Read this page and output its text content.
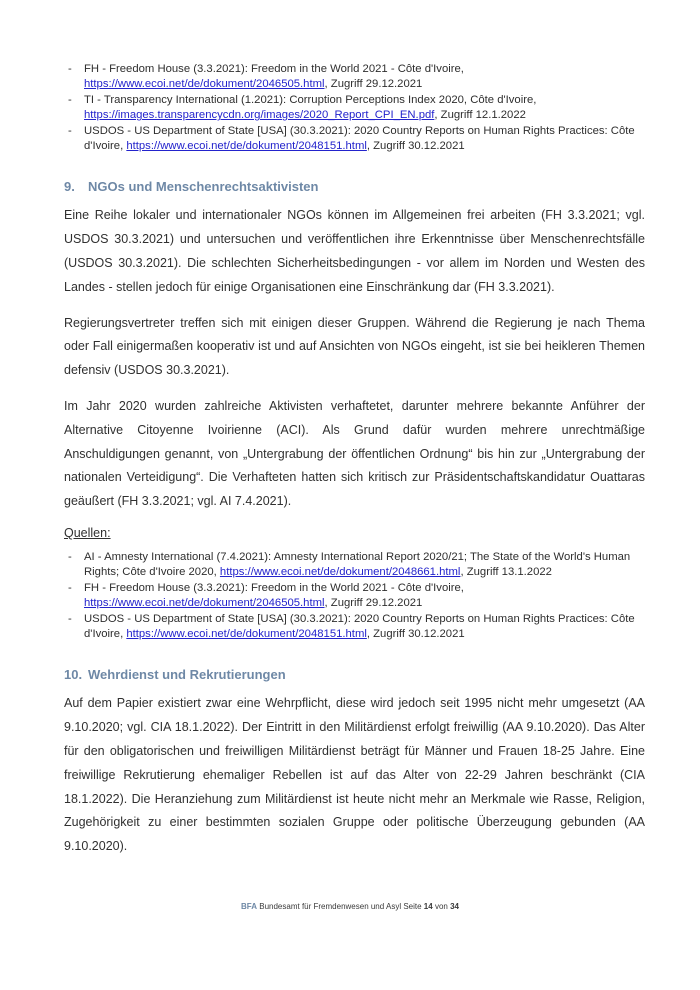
-	FH - Freedom House (3.3.2021): Freedom in the World 2021 - Côte d'Ivoire, https://www.ecoi.net/de/dokument/2046505.html, Zugriff 29.12.2021
-	TI - Transparency International (1.2021): Corruption Perceptions Index 2020, Côte d'Ivoire, https://images.transparencycdn.org/images/2020_Report_CPI_EN.pdf, Zugriff 12.1.2022
-	USDOS - US Department of State [USA] (30.3.2021): 2020 Country Reports on Human Rights Practices: Côte d'Ivoire, https://www.ecoi.net/de/dokument/2048151.html, Zugriff 30.12.2021
9.	NGOs und Menschenrechtsaktivisten

Eine Reihe lokaler und internationaler NGOs können im Allgemeinen frei arbeiten (FH 3.3.2021; vgl. USDOS 30.3.2021) und untersuchen und veröffentlichen ihre Erkenntnisse über Menschenrechtsfälle (USDOS 30.3.2021). Die schlechten Sicherheitsbedingungen - vor allem im Norden und Westen des Landes - stellen jedoch für einige Organisationen eine Einschränkung dar (FH 3.3.2021).

Regierungsvertreter treffen sich mit einigen dieser Gruppen. Während die Regierung je nach Thema oder Fall einigermaßen kooperativ ist und auf Ansichten von NGOs eingeht, ist sie bei heikleren Themen defensiv (USDOS 30.3.2021).

Im Jahr 2020 wurden zahlreiche Aktivisten verhaftetet, darunter mehrere bekannte Anführer der Alternative Citoyenne Ivoirienne (ACI). Als Grund dafür wurden mehrere unrechtmäßige Anschuldigungen genannt, von „Untergrabung der öffentlichen Ordnung“ bis hin zur „Untergrabung der nationalen Verteidigung“. Die Verhafteten hatten sich kritisch zur Präsidentschaftskandidatur Ouattaras geäußert (FH 3.3.2021; vgl. AI 7.4.2021).

Quellen:
-	AI - Amnesty International (7.4.2021): Amnesty International Report 2020/21; The State of the World's Human Rights; Côte d'Ivoire 2020, https://www.ecoi.net/de/dokument/2048661.html, Zugriff 13.1.2022
-	FH - Freedom House (3.3.2021): Freedom in the World 2021 - Côte d'Ivoire, https://www.ecoi.net/de/dokument/2046505.html, Zugriff 29.12.2021
-	USDOS - US Department of State [USA] (30.3.2021): 2020 Country Reports on Human Rights Practices: Côte d'Ivoire, https://www.ecoi.net/de/dokument/2048151.html, Zugriff 30.12.2021
10. Wehrdienst und Rekrutierungen

Auf dem Papier existiert zwar eine Wehrpflicht, diese wird jedoch seit 1995 nicht mehr umgesetzt (AA 9.10.2020; vgl. CIA 18.1.2022). Der Eintritt in den Militärdienst erfolgt freiwillig (AA 9.10.2020). Das Alter für den obligatorischen und freiwilligen Militärdienst beträgt für Männer und Frauen 18-25 Jahre. Eine freiwillige Rekrutierung ehemaliger Rebellen ist auf das Alter von 22-29 Jahren beschränkt (CIA 18.1.2022). Die Heranziehung zum Militärdienst ist heute nicht mehr an Merkmale wie Rasse, Religion, Zugehörigkeit zu einer bestimmten sozialen Gruppe oder politische Überzeugung gebunden (AA 9.10.2020).

BFA Bundesamt für Fremdenwesen und Asyl Seite 14 von 34
